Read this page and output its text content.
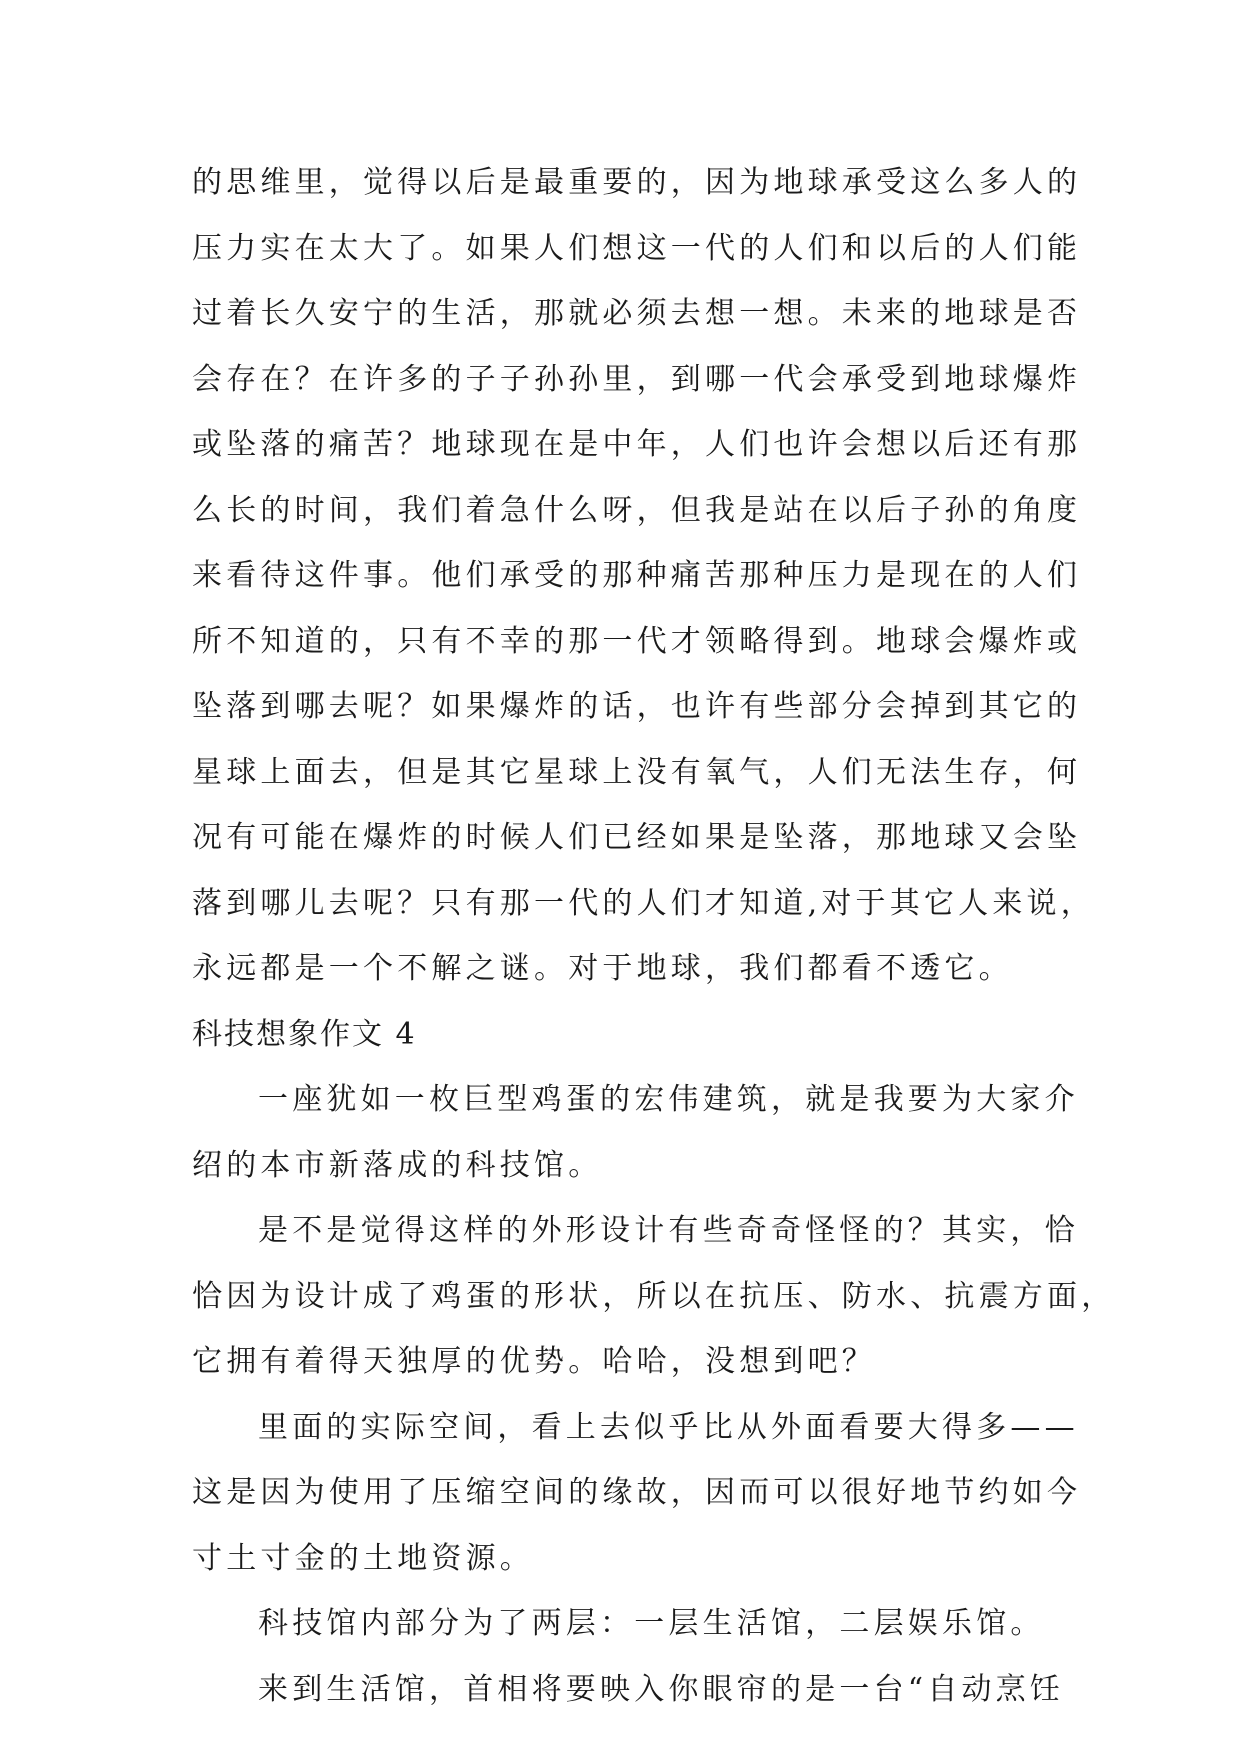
的思维里，觉得以后是最重要的，因为地球承受这么多人的
压力实在太大了。如果人们想这一代的人们和以后的人们能
过着长久安宁的生活，那就必须去想一想。未来的地球是否
会存在？在许多的子子孙孙里，到哪一代会承受到地球爆炸
或坠落的痛苦？地球现在是中年，人们也许会想以后还有那
么长的时间，我们着急什么呀，但我是站在以后子孙的角度
来看待这件事。他们承受的那种痛苦那种压力是现在的人们
所不知道的，只有不幸的那一代才领略得到。地球会爆炸或
坠落到哪去呢？如果爆炸的话，也许有些部分会掉到其它的
星球上面去，但是其它星球上没有氧气，人们无法生存，何
况有可能在爆炸的时候人们已经如果是坠落，那地球又会坠
落到哪儿去呢？只有那一代的人们才知道,对于其它人来说，
永远都是一个不解之谜。对于地球，我们都看不透它。
科技想象作文 4
一座犹如一枚巨型鸡蛋的宏伟建筑，就是我要为大家介
绍的本市新落成的科技馆。
是不是觉得这样的外形设计有些奇奇怪怪的？其实，恰
恰因为设计成了鸡蛋的形状，所以在抗压、防水、抗震方面，
它拥有着得天独厚的优势。哈哈，没想到吧？
里面的实际空间，看上去似乎比从外面看要大得多——
这是因为使用了压缩空间的缘故，因而可以很好地节约如今
寸土寸金的土地资源。
科技馆内部分为了两层：一层生活馆，二层娱乐馆。
来到生活馆，首相将要映入你眼帘的是一台“自动烹饪
